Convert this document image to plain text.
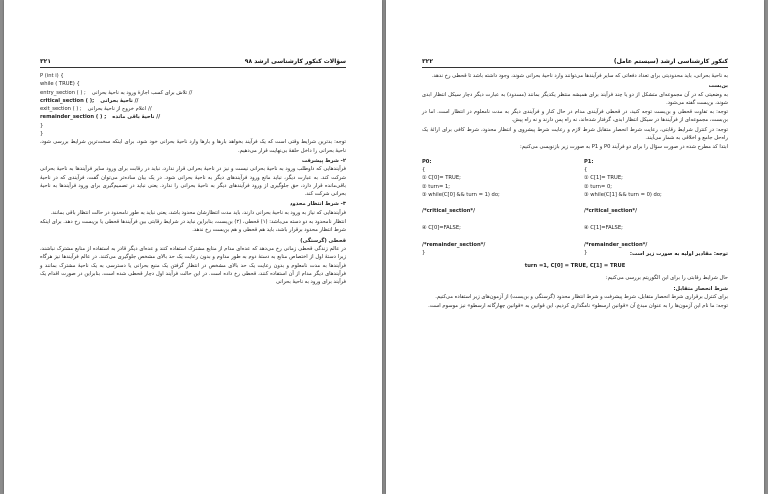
۳۲۱	سؤالات کنکور کارشناسی ارشد ۹۸
P (int i) {
while ( TRUE) {
entry_section ( ) ; // تلاش برای کسب اجازهٔ ورود به ناحیهٔ بحرانی
critical_section ( ); // ناحیهٔ بحرانی
exit_section ( ) ; // اعلام خروج از ناحیهٔ بحرانی
remainder_section ( ) ; // ناحیهٔ باقی مانده
}
}

توجه: بدترین شرایط وقتی است که یک فرآیند بخواهد بارها و بارها وارد ناحیهٔ بحرانی خود شود، برای اینکه سخت‌ترین شرایط بررسی شود، ناحیهٔ بحرانی را داخل حلقهٔ بی‌نهایت قرار می‌دهیم.

۲- شرط پیشرفت

فرآیندهایی که داوطلب ورود به ناحیهٔ بحرانی نیست و نیز در ناحیهٔ بحرانی قرار ندارد، نباید در رقابت برای ورود سایر فرآیندها به ناحیهٔ بحرانی شرکت کند. به عبارت دیگر، نباید مانع ورود فرآیندهای دیگر به ناحیهٔ بحرانی شود. در یک بیان ساده‌تر می‌توان گفت، فرآیندی که در ناحیهٔ باقی‌مانده قرار دارد، حق جلوگیری از ورود فرآیندهای دیگر به ناحیهٔ بحرانی را ندارد. یعنی نباید در تصمیم‌گیری برای ورود فرآیندها به ناحیهٔ بحرانی شرکت کند.

۳- شرط انتظار محدود

فرآیندهایی که نیاز به ورود به ناحیهٔ بحرانی دارند، باید مدت انتظارشان محدود باشد، یعنی نباید به طور نامحدود در حالت انتظار باقی بمانند.

انتظار نامحدود به دو دسته می‌باشد: (۱) قحطی، (۲) بن‌بست، بنابراین نباید در شرایط رقابتی بین فرآیندها قحطی یا بن‌بست رخ دهد. برای اینکه شرط انتظار محدود برقرار باشد، باید هم قحطی و هم بن‌بست رخ ندهد.

قحطی (گرسنگی)

در عالم زندگی قحطی زمانی رخ می‌دهد که عده‌ای مدام از منابع مشترک استفاده کنند و عده‌ای دیگر قادر به استفاده از منابع مشترک نباشند، زیرا دستهٔ اول از اختصاص منابع به دستهٔ دوم به طور مداوم و بدون رعایت یک حد بالای مشخص جلوگیری می‌کنند. در عالم فرآیندها نیز هرگاه فرآیندها به مدت نامعلوم و بدون رعایت یک حد بالای مشخص در انتظار گرفتن یک منبع بحرانی یا دسترسی به یک ناحیهٔ مشترک بمانند و فرآیندهای دیگر مدام از آن استفاده کنند، قحطی رخ داده است. در این حالت فرآیند اول دچار قحطی شده است، بنابراین در صورت اقدام یک فرآیند برای ورود به ناحیهٔ بحرانی

۳۲۲	کنکور کارشناسی ارشد (سیستم عامل)

به ناحیهٔ بحرانی، باید محدودیتی برای تعداد دفعاتی که سایر فرآیندها می‌توانند وارد ناحیهٔ بحرانی شوند، وجود داشته باشد تا قحطی رخ ندهد.

بن‌بست

به وضعیتی که در آن مجموعه‌ای متشکل از دو یا چند فرآیند برای همیشه منتظر یکدیگر بمانند (مسدود) به عبارت دیگر دچار سیکل انتظار ابدی شوند، بن‌بست گفته می‌شود.

توجه: به تفاوت قحطی و بن‌بست توجه کنید، در قحطی فرآیندی مدام در حال کنار و فرآیندی دیگر به مدت نامعلوم در انتظار است. اما در بن‌بست، مجموعه‌ای از فرآیندها در سیکل انتظار ابدی، گرفتار شده‌اند، نه راه پس دارند و نه راه پیش.

توجه: در کنترل شرایط رقابتی، رعایت شرط انحصار متقابل شرط لازم و رعایت شرط پیشروی و انتظار محدود، شرط کافی برای ارائهٔ یک راه‌حل جامع و اخلاقی به شمار می‌آیند.

ابتدا کد مطرح شده در صورت سؤال را برای دو فرآیند P0 و P1 به صورت زیر بازنویسی می‌کنیم:

P0:
{
① C[0]= TRUE;
② turn= 1;
③ while(C[0] && turn = 1) do;

/*critical_section*/

④ C[0]=FALSE;

/*remainder_section*/
}
P1:
{
① C[1]= TRUE;
② turn= 0;
③ while(C[1] && turn = 0) do;

/*critical_section*/

④ C[1]=FALSE;

/*remainder_section*/
}	توجه: مقادیر اولیه به صورت زیر است:

turn =1, C[0] = TRUE, C[1] = TRUE

حال شرایط رقابتی را برای این الگوریتم بررسی می‌کنیم:

شرط انحصار متقابل:

برای کنترل برقراری شرط انحصار متقابل، شرط پیشرفت و شرط انتظار محدود (گرسنگی و بن‌بست) از آزمون‌های زیر استفاده می‌کنیم.

توجه: ما نام این آزمون‌ها را به عنوان مبدع آن «قوانین ارسطو» نامگذاری کردیم، این قوانین به «قوانین چهارگانه ارسطو» نیز موسوم است.
